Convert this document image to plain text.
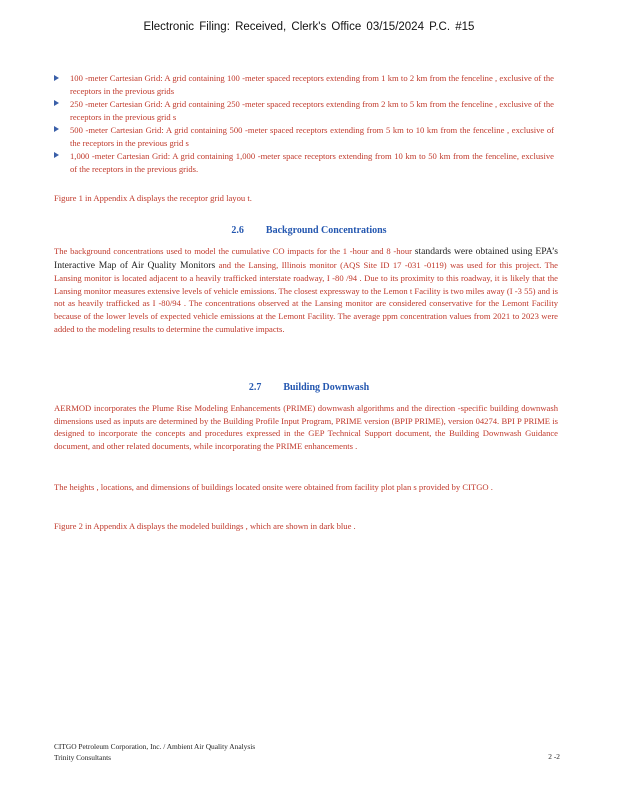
Electronic Filing: Received, Clerk's Office 03/15/2024 P.C. #15
100 -meter Cartesian Grid: A grid containing 100 -meter spaced receptors extending from 1 km to 2 km from the fenceline , exclusive of the receptors in the previous grids
250 -meter Cartesian Grid: A grid containing 250 -meter spaced receptors extending from 2 km to 5 km from the fenceline , exclusive of the receptors in the previous grid s
500 -meter Cartesian Grid: A grid containing 500 -meter spaced receptors extending from 5 km to 10 km from the fenceline , exclusive of the receptors in the previous grid s
1,000 -meter Cartesian Grid: A grid containing 1,000 -meter space receptors extending from 10 km to 50 km from the fenceline, exclusive of the receptors in the previous grids.
Figure 1 in Appendix A displays the receptor grid layou t.
2.6 Background Concentrations
The background concentrations used to model the cumulative CO impacts for the 1 -hour and 8 -hour standards were obtained using EPA’s Interactive Map of Air Quality Monitors and the Lansing, Illinois monitor (AQS Site ID 17 -031 -0119) was used for this project. The Lansing monitor is located adjacent to a heavily trafficked interstate roadway, I -80 /94 . Due to its proximity to this roadway, it is likely that the Lansing monitor measures extensive levels of vehicle emissions. The closest expressway to the Lemon t Facility is two miles away (I -3 55) and is not as heavily trafficked as I -80/94 . The concentrations observed at the Lansing monitor are considered conservative for the Lemont Facility because of the lower levels of expected vehicle emissions at the Lemont Facility. The average ppm concentration values from 2021 to 2023 were added to the modeling results to determine the cumulative impacts.
2.7 Building Downwash
AERMOD incorporates the Plume Rise Modeling Enhancements (PRIME) downwash algorithms and the direction -specific building downwash dimensions used as inputs are determined by the Building Profile Input Program, PRIME version (BPIP PRIME), version 04274. BPI P PRIME is designed to incorporate the concepts and procedures expressed in the GEP Technical Support document, the Building Downwash Guidance document, and other related documents, while incorporating the PRIME enhancements .
The heights , locations, and dimensions of buildings located onsite were obtained from facility plot plan s provided by CITGO .
Figure 2 in Appendix A displays the modeled buildings , which are shown in dark blue .
CITGO Petroleum Corporation, Inc. / Ambient Air Quality Analysis
Trinity Consultants	2 -2
